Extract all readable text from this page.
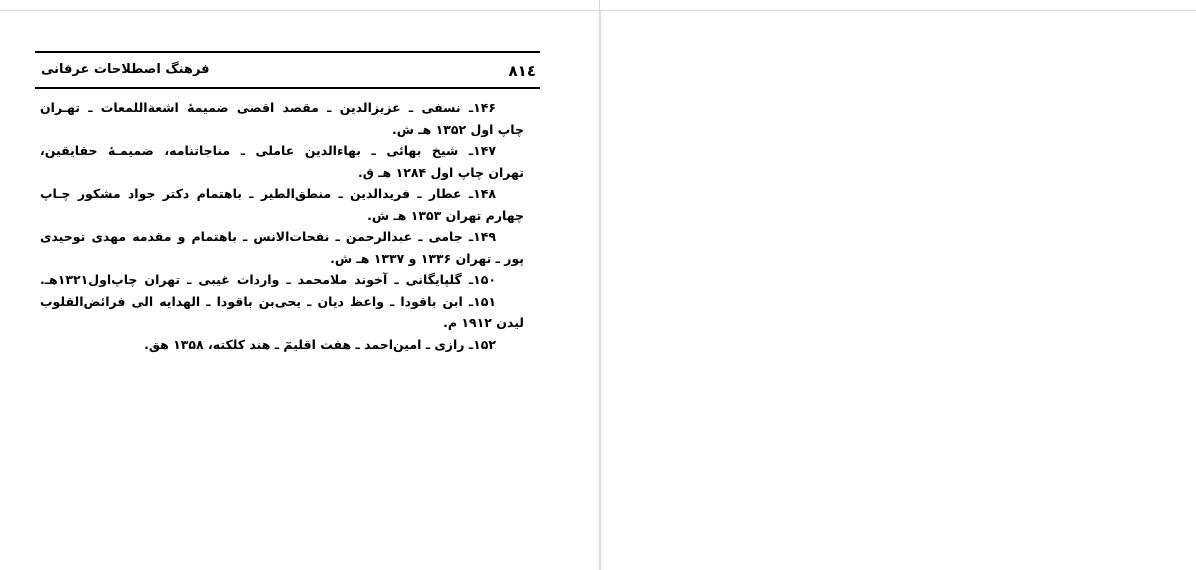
۸۱٤
فرهنگ اصطلاحات عرفانی
۱۴۶ـ نسفی ـ عزیزالدین ـ مقصد اقصی ضمیمهٔ اشعةاللمعات ـ تهـران
چاپ اول ۱۳۵۲ هـ ش.
۱۴۷ـ شیخ بهائی ـ بهاءالدین عاملی ـ مناجاتنامه، ضمیمـهٔ حقایقین،
تهران چاپ اول ۱۲۸۴ هـ ق.
۱۴۸ـ عطار ـ فریدالدین ـ منطق‌الطیر ـ باهتمام دکتر جواد مشکور چـاپ
چهارم تهران ۱۳۵۳ هـ ش.
۱۴۹ـ جامی ـ عبدالرحمن ـ نفحات‌الانس ـ باهتمام و مقدمه مهدی توحیدی
پور ـ تهران ۱۳۳۶ و ۱۳۳۷ هـ ش.
۱۵۰ـ گلپایگانی ـ آخوند ملامحمد ـ واردات غیبی ـ تهران چاپ‌اول۱۳۲۱هـ.
۱۵۱ـ ابن باقودا ـ واعظ دیان ـ یحی‌بن باقودا ـ الهدایه الی فرائض‌القلوب
لیدن ۱۹۱۲ م.
۱۵۲ـ رازی ـ امین‌احمد ـ هفت اقلیمٓ ـ هند کلکته، ۱۳۵۸ هق.
